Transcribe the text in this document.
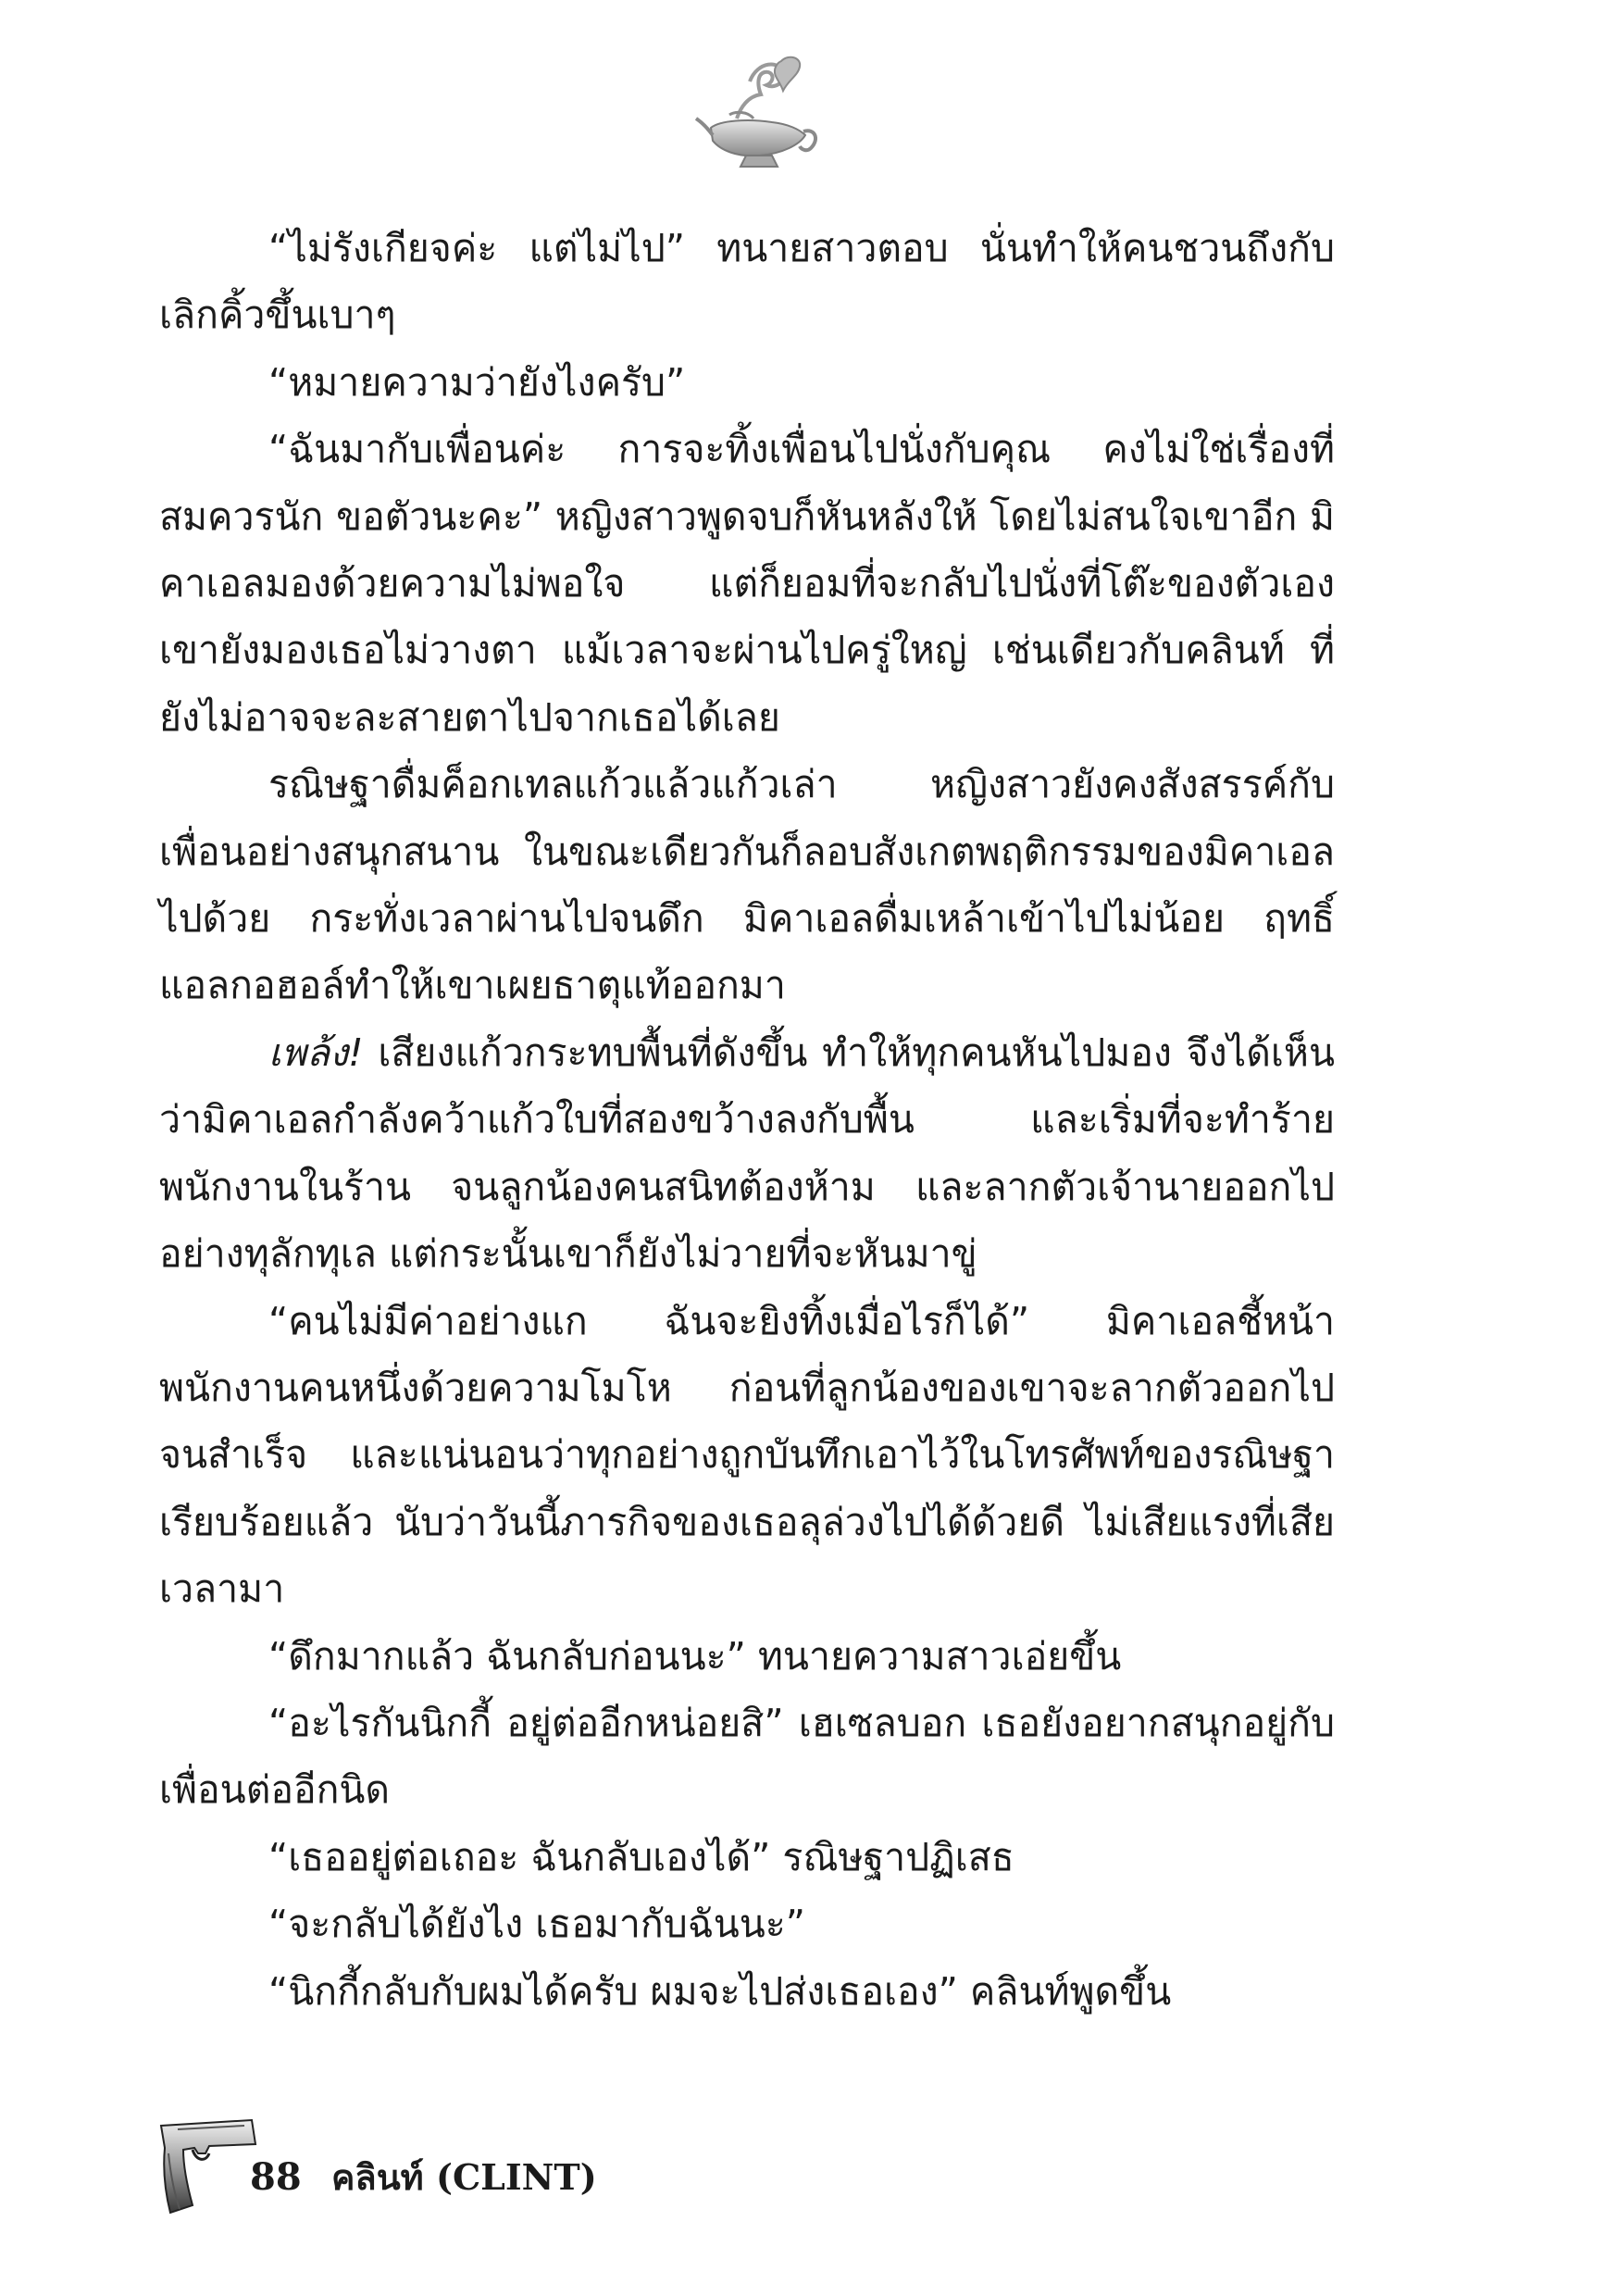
“ไม่รังเกียจค่ะ แต่ไม่ไป” ทนายสาวตอบ นั่นทำให้คนชวนถึงกับเลิกคิ้วขึ้นเบาๆ

“หมายความว่ายังไงครับ”

“ฉันมากับเพื่อนค่ะ การจะทิ้งเพื่อนไปนั่งกับคุณ คงไม่ใช่เรื่องที่สมควรนัก ขอตัวนะคะ” หญิงสาวพูดจบก็หันหลังให้ โดยไม่สนใจเขาอีก มิคาเอลมองด้วยความไม่พอใจ แต่ก็ยอมที่จะกลับไปนั่งที่โต๊ะของตัวเอง เขายังมองเธอไม่วางตา แม้เวลาจะผ่านไปครู่ใหญ่ เช่นเดียวกับคลินท์ ที่ยังไม่อาจจะละสายตาไปจากเธอได้เลย

รณิษฐาดื่มค็อกเทลแก้วแล้วแก้วเล่า หญิงสาวยังคงสังสรรค์กับเพื่อนอย่างสนุกสนาน ในขณะเดียวกันก็ลอบสังเกตพฤติกรรมของมิคาเอลไปด้วย กระทั่งเวลาผ่านไปจนดึก มิคาเอลดื่มเหล้าเข้าไปไม่น้อย ฤทธิ์แอลกอฮอล์ทำให้เขาเผยธาตุแท้ออกมา

เพล้ง! เสียงแก้วกระทบพื้นที่ดังขึ้น ทำให้ทุกคนหันไปมอง จึงได้เห็นว่ามิคาเอลกำลังคว้าแก้วใบที่สองขว้างลงกับพื้น และเริ่มที่จะทำร้ายพนักงานในร้าน จนลูกน้องคนสนิทต้องห้าม และลากตัวเจ้านายออกไปอย่างทุลักทุเล แต่กระนั้นเขาก็ยังไม่วายที่จะหันมาขู่

“คนไม่มีค่าอย่างแก ฉันจะยิงทิ้งเมื่อไรก็ได้” มิคาเอลชี้หน้าพนักงานคนหนึ่งด้วยความโมโห ก่อนที่ลูกน้องของเขาจะลากตัวออกไปจนสำเร็จ และแน่นอนว่าทุกอย่างถูกบันทึกเอาไว้ในโทรศัพท์ของรณิษฐาเรียบร้อยแล้ว นับว่าวันนี้ภารกิจของเธอลุล่วงไปได้ด้วยดี ไม่เสียแรงที่เสียเวลามา

“ดึกมากแล้ว ฉันกลับก่อนนะ” ทนายความสาวเอ่ยขึ้น

“อะไรกันนิกกี้ อยู่ต่ออีกหน่อยสิ” เฮเซลบอก เธอยังอยากสนุกอยู่กับเพื่อนต่ออีกนิด

“เธออยู่ต่อเถอะ ฉันกลับเองได้” รณิษฐาปฏิเสธ

“จะกลับได้ยังไง เธอมากับฉันนะ”

“นิกกี้กลับกับผมได้ครับ ผมจะไปส่งเธอเอง” คลินท์พูดขึ้น

88 คลินท์ (CLINT)
